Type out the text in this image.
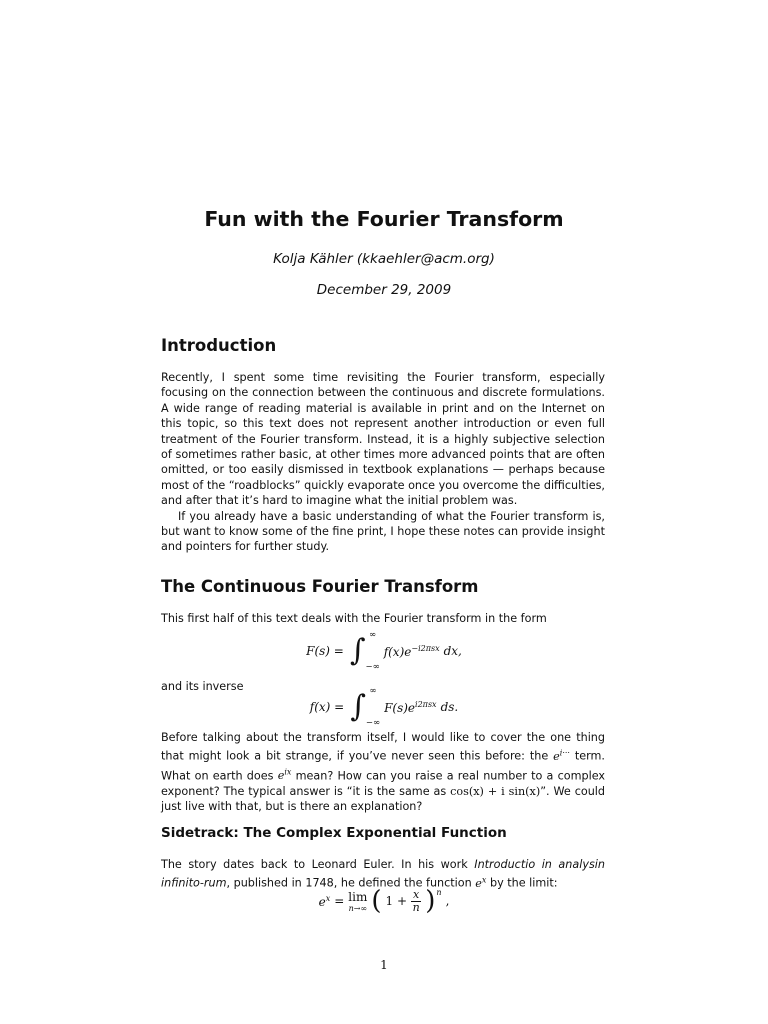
Fun with the Fourier Transform
Kolja Kähler (kkaehler@acm.org)
December 29, 2009
Introduction

Recently, I spent some time revisiting the Fourier transform, especially focusing on the connection between the continuous and discrete formulations. A wide range of reading material is available in print and on the Internet on this topic, so this text does not represent another introduction or even full treatment of the Fourier transform. Instead, it is a highly subjective selection of sometimes rather basic, at other times more advanced points that are often omitted, or too easily dismissed in textbook explanations — perhaps because most of the “roadblocks” quickly evaporate once you overcome the difficulties, and after that it’s hard to imagine what the initial problem was.

If you already have a basic understanding of what the Fourier transform is, but want to know some of the fine print, I hope these notes can provide insight and pointers for further study.

The Continuous Fourier Transform

This first half of this text deals with the Fourier transform in the form

F(s) = ∫ ∞
−∞
$f(x)e^{-i2\pi sx}$ dx,
and its inverse
f(x) = ∫ ∞
−∞
$F(s)e^{i2\pi sx}$ ds.

Before talking about the transform itself, I would like to cover the one thing that might look a bit strange, if you’ve never seen this before: the $e^{i\cdot\cdot\cdot}$ term. What on earth does $e^{ix}$ mean? How can you raise a real number to a complex exponent? The typical answer is “it is the same as cos(x) + i sin(x)”. We could just live with that, but is there an explanation?

Sidetrack: The Complex Exponential Function

The story dates back to Leonard Euler. In his work Introductio in analysin infinito-rum, published in 1748, he defined the function $e^x$ by the limit:

$e^x = \lim$
n→∞ ( $1 + \frac{x}{n} )^n$
,
1
